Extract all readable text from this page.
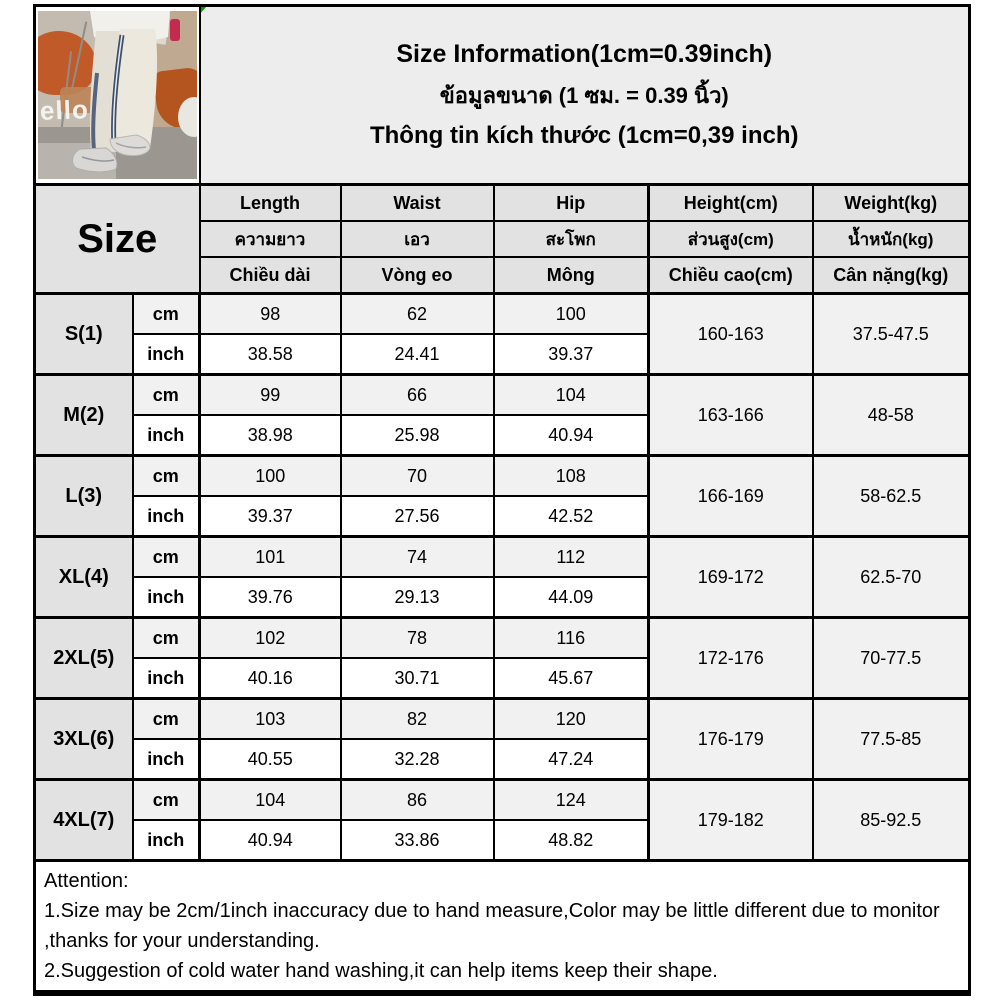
ello		Size Information(1cm=0.39inch)
ข้อมูลขนาด (1 ซม. = 0.39 นิ้ว)
Thông tin kích thước (1cm=0,39 inch)				

Size		Length	Waist	Hip	Height(cm)	Weight(kg)
		ความยาว	เอว	สะโพก	ส่วนสูง(cm)	น้ำหนัก(kg)
		Chiều dài	Vòng eo	Mông	Chiều cao(cm)	Cân nặng(kg)
S(1)	cm	98	62	100	160-163	37.5-47.5
	inch	38.58	24.41	39.37		
M(2)	cm	99	66	104	163-166	48-58
	inch	38.98	25.98	40.94		
L(3)	cm	100	70	108	166-169	58-62.5
	inch	39.37	27.56	42.52		
XL(4)	cm	101	74	112	169-172	62.5-70
	inch	39.76	29.13	44.09		
2XL(5)	cm	102	78	116	172-176	70-77.5
	inch	40.16	30.71	45.67		
3XL(6)	cm	103	82	120	176-179	77.5-85
	inch	40.55	32.28	47.24		
4XL(7)	cm	104	86	124	179-182	85-92.5
	inch	40.94	33.86	48.82		

Attention:
1.Size may be 2cm/1inch inaccuracy due to hand measure,Color may be little different due to monitor
,thanks for your understanding.
2.Suggestion of cold water hand washing,it can help items keep their shape.						
